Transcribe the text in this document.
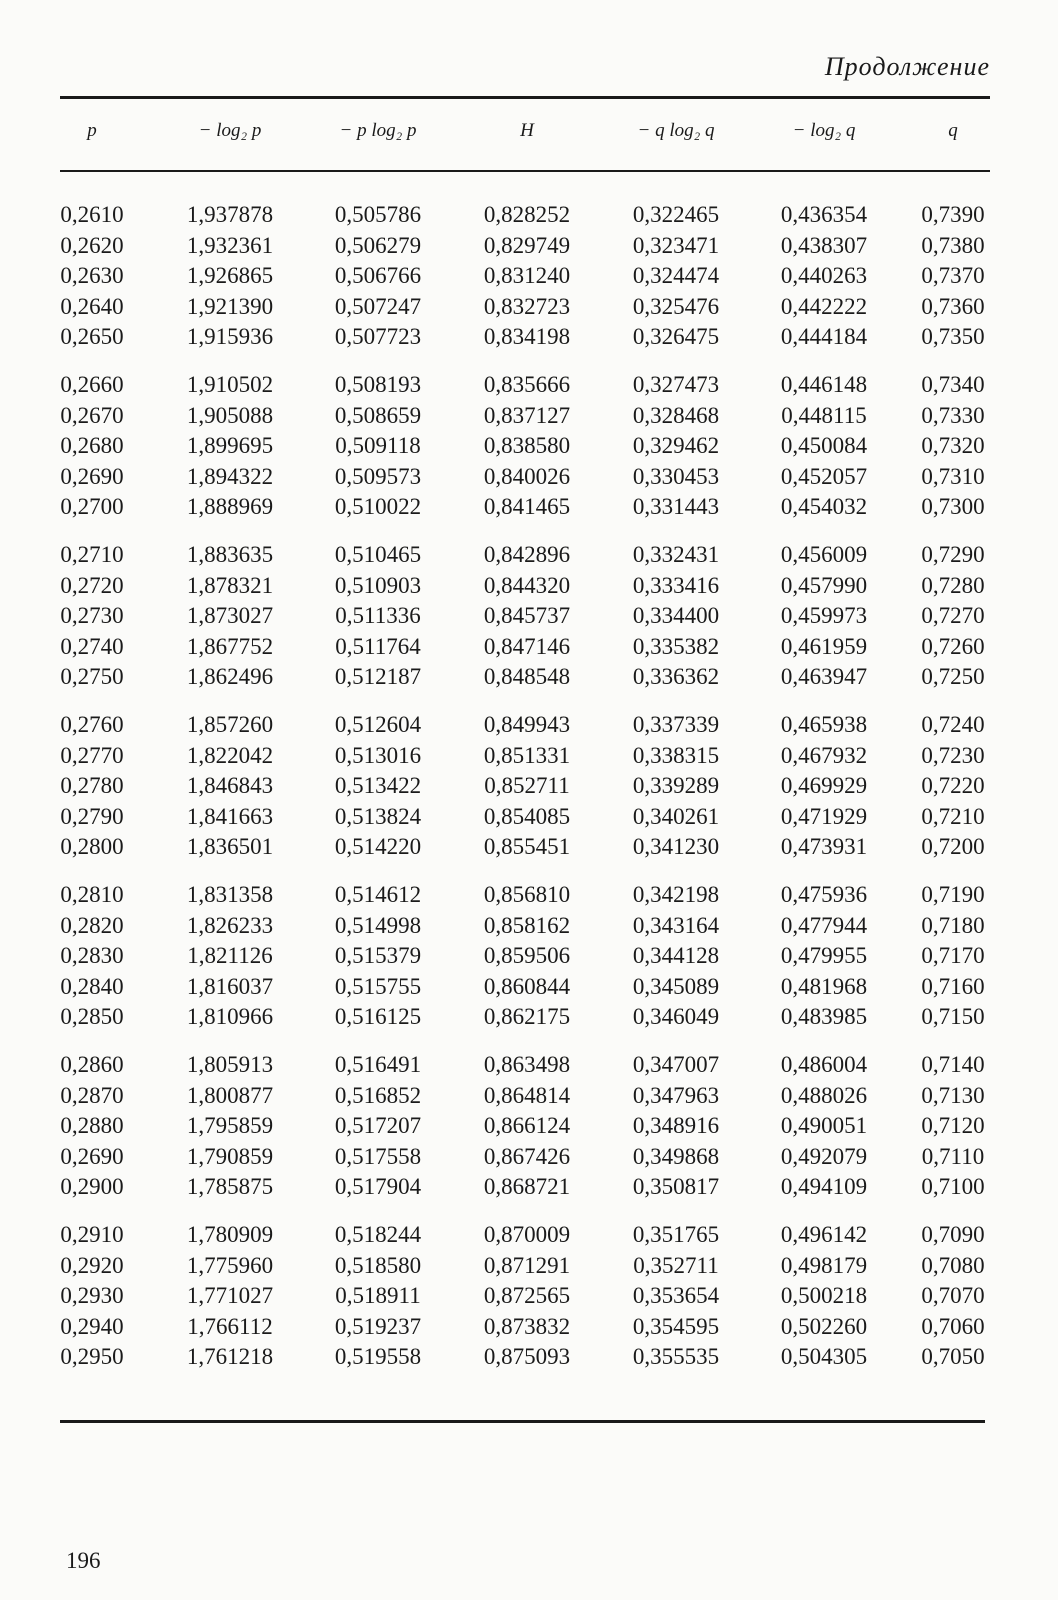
Продолжение
p	− log₂ p	− p log₂ p	H	− q log₂ q	− log₂ q	q
0,2610	1,937878	0,505786	0,828252	0,322465	0,436354	0,7390
0,2620	1,932361	0,506279	0,829749	0,323471	0,438307	0,7380
0,2630	1,926865	0,506766	0,831240	0,324474	0,440263	0,7370
0,2640	1,921390	0,507247	0,832723	0,325476	0,442222	0,7360
0,2650	1,915936	0,507723	0,834198	0,326475	0,444184	0,7350
0,2660	1,910502	0,508193	0,835666	0,327473	0,446148	0,7340
0,2670	1,905088	0,508659	0,837127	0,328468	0,448115	0,7330
0,2680	1,899695	0,509118	0,838580	0,329462	0,450084	0,7320
0,2690	1,894322	0,509573	0,840026	0,330453	0,452057	0,7310
0,2700	1,888969	0,510022	0,841465	0,331443	0,454032	0,7300
0,2710	1,883635	0,510465	0,842896	0,332431	0,456009	0,7290
0,2720	1,878321	0,510903	0,844320	0,333416	0,457990	0,7280
0,2730	1,873027	0,511336	0,845737	0,334400	0,459973	0,7270
0,2740	1,867752	0,511764	0,847146	0,335382	0,461959	0,7260
0,2750	1,862496	0,512187	0,848548	0,336362	0,463947	0,7250
0,2760	1,857260	0,512604	0,849943	0,337339	0,465938	0,7240
0,2770	1,822042	0,513016	0,851331	0,338315	0,467932	0,7230
0,2780	1,846843	0,513422	0,852711	0,339289	0,469929	0,7220
0,2790	1,841663	0,513824	0,854085	0,340261	0,471929	0,7210
0,2800	1,836501	0,514220	0,855451	0,341230	0,473931	0,7200
0,2810	1,831358	0,514612	0,856810	0,342198	0,475936	0,7190
0,2820	1,826233	0,514998	0,858162	0,343164	0,477944	0,7180
0,2830	1,821126	0,515379	0,859506	0,344128	0,479955	0,7170
0,2840	1,816037	0,515755	0,860844	0,345089	0,481968	0,7160
0,2850	1,810966	0,516125	0,862175	0,346049	0,483985	0,7150
0,2860	1,805913	0,516491	0,863498	0,347007	0,486004	0,7140
0,2870	1,800877	0,516852	0,864814	0,347963	0,488026	0,7130
0,2880	1,795859	0,517207	0,866124	0,348916	0,490051	0,7120
0,2690	1,790859	0,517558	0,867426	0,349868	0,492079	0,7110
0,2900	1,785875	0,517904	0,868721	0,350817	0,494109	0,7100
0,2910	1,780909	0,518244	0,870009	0,351765	0,496142	0,7090
0,2920	1,775960	0,518580	0,871291	0,352711	0,498179	0,7080
0,2930	1,771027	0,518911	0,872565	0,353654	0,500218	0,7070
0,2940	1,766112	0,519237	0,873832	0,354595	0,502260	0,7060
0,2950	1,761218	0,519558	0,875093	0,355535	0,504305	0,7050
196
